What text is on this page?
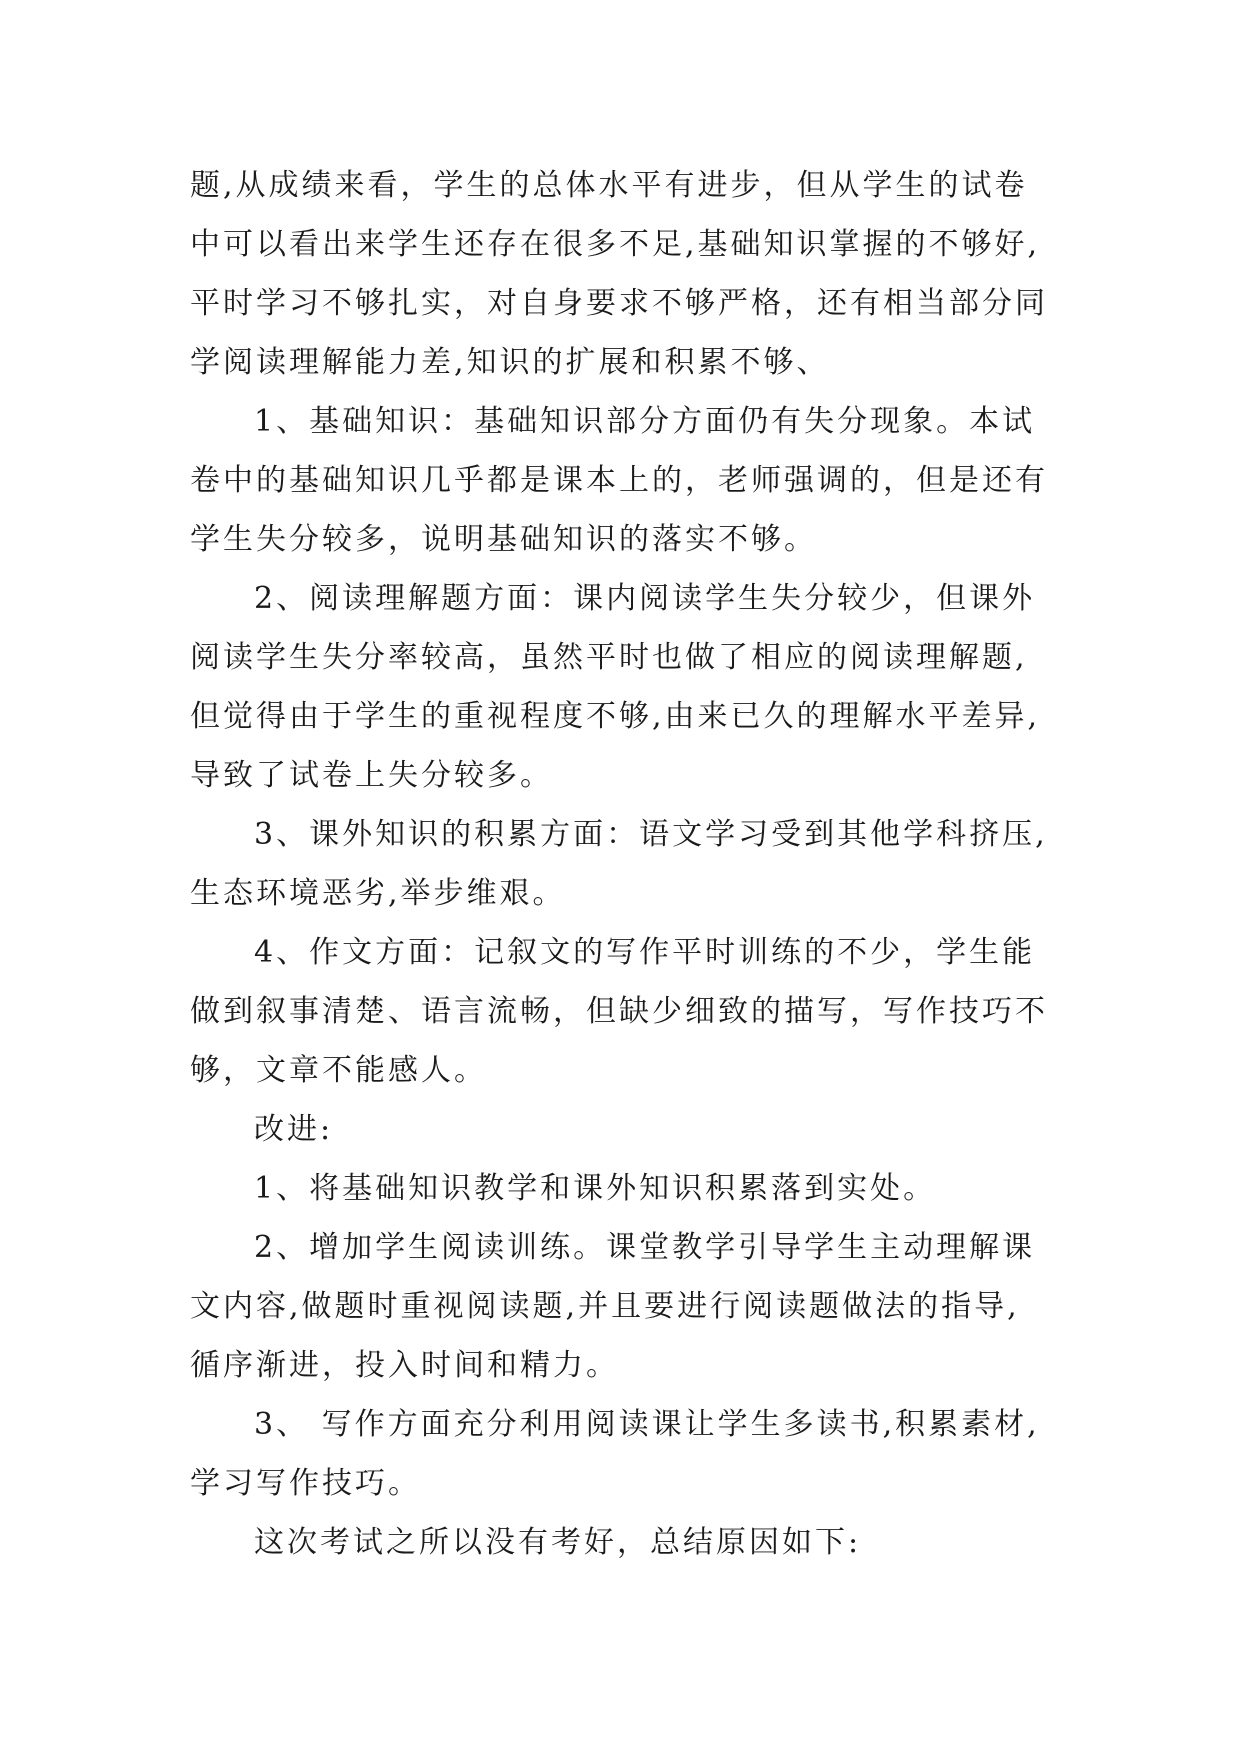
题,从成绩来看，学生的总体水平有进步，但从学生的试卷
中可以看出来学生还存在很多不足,基础知识掌握的不够好,
平时学习不够扎实，对自身要求不够严格，还有相当部分同
学阅读理解能力差,知识的扩展和积累不够、
1、基础知识：基础知识部分方面仍有失分现象。本试
卷中的基础知识几乎都是课本上的，老师强调的，但是还有
学生失分较多，说明基础知识的落实不够。
2、阅读理解题方面：课内阅读学生失分较少，但课外
阅读学生失分率较高，虽然平时也做了相应的阅读理解题,
但觉得由于学生的重视程度不够,由来已久的理解水平差异,
导致了试卷上失分较多。
3、课外知识的积累方面：语文学习受到其他学科挤压,
生态环境恶劣,举步维艰。
4、作文方面：记叙文的写作平时训练的不少，学生能
做到叙事清楚、语言流畅，但缺少细致的描写，写作技巧不
够，文章不能感人。
改进:
1、将基础知识教学和课外知识积累落到实处。
2、增加学生阅读训练。课堂教学引导学生主动理解课
文内容,做题时重视阅读题,并且要进行阅读题做法的指导,
循序渐进，投入时间和精力。
3、 写作方面充分利用阅读课让学生多读书,积累素材,
学习写作技巧。
这次考试之所以没有考好，总结原因如下:
